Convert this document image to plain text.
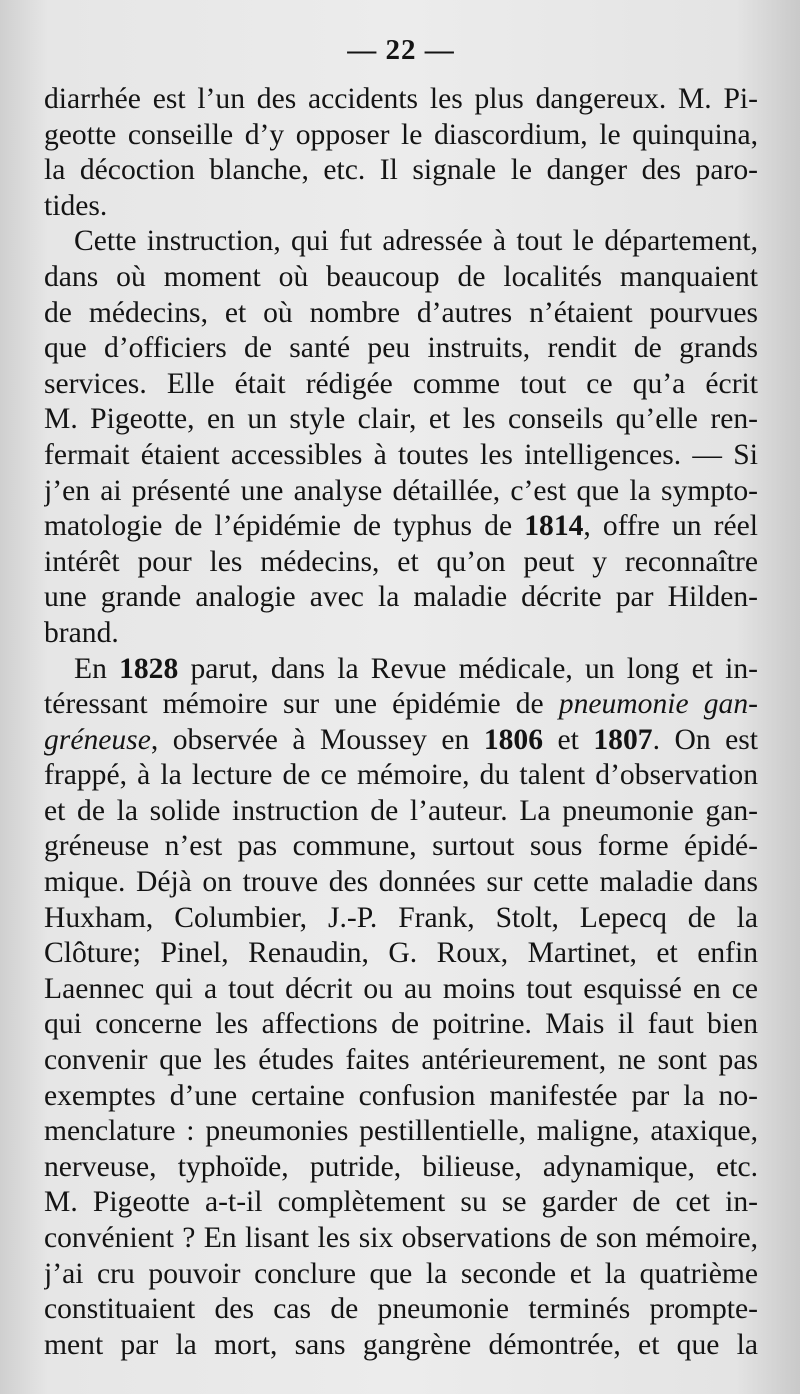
— 22 —

diarrhée est l’un des accidents les plus dangereux. M. Pi-
geotte conseille d’y opposer le diascordium, le quinquina,
la décoction blanche, etc. Il signale le danger des paro-
tides.

Cette instruction, qui fut adressée à tout le département,
dans où moment où beaucoup de localités manquaient
de médecins, et où nombre d’autres n’étaient pourvues
que d’officiers de santé peu instruits, rendit de grands
services. Elle était rédigée comme tout ce qu’a écrit
M. Pigeotte, en un style clair, et les conseils qu’elle ren-
fermait étaient accessibles à toutes les intelligences. — Si
j’en ai présenté une analyse détaillée, c’est que la sympto-
matologie de l’épidémie de typhus de 1814, offre un réel
intérêt pour les médecins, et qu’on peut y reconnaître
une grande analogie avec la maladie décrite par Hilden-
brand.

En 1828 parut, dans la Revue médicale, un long et in-
téressant mémoire sur une épidémie de pneumonie gan-
gréneuse, observée à Moussey en 1806 et 1807. On est
frappé, à la lecture de ce mémoire, du talent d’observation
et de la solide instruction de l’auteur. La pneumonie gan-
gréneuse n’est pas commune, surtout sous forme épidé-
mique. Déjà on trouve des données sur cette maladie dans
Huxham, Columbier, J.-P. Frank, Stolt, Lepecq de la
Clôture; Pinel, Renaudin, G. Roux, Martinet, et enfin
Laennec qui a tout décrit ou au moins tout esquissé en ce
qui concerne les affections de poitrine. Mais il faut bien
convenir que les études faites antérieurement, ne sont pas
exemptes d’une certaine confusion manifestée par la no-
menclature : pneumonies pestillentielle, maligne, ataxique,
nerveuse, typhoïde, putride, bilieuse, adynamique, etc.
M. Pigeotte a-t-il complètement su se garder de cet in-
convénient ? En lisant les six observations de son mémoire,
j’ai cru pouvoir conclure que la seconde et la quatrième
constituaient des cas de pneumonie terminés prompte-
ment par la mort, sans gangrène démontrée, et que la
